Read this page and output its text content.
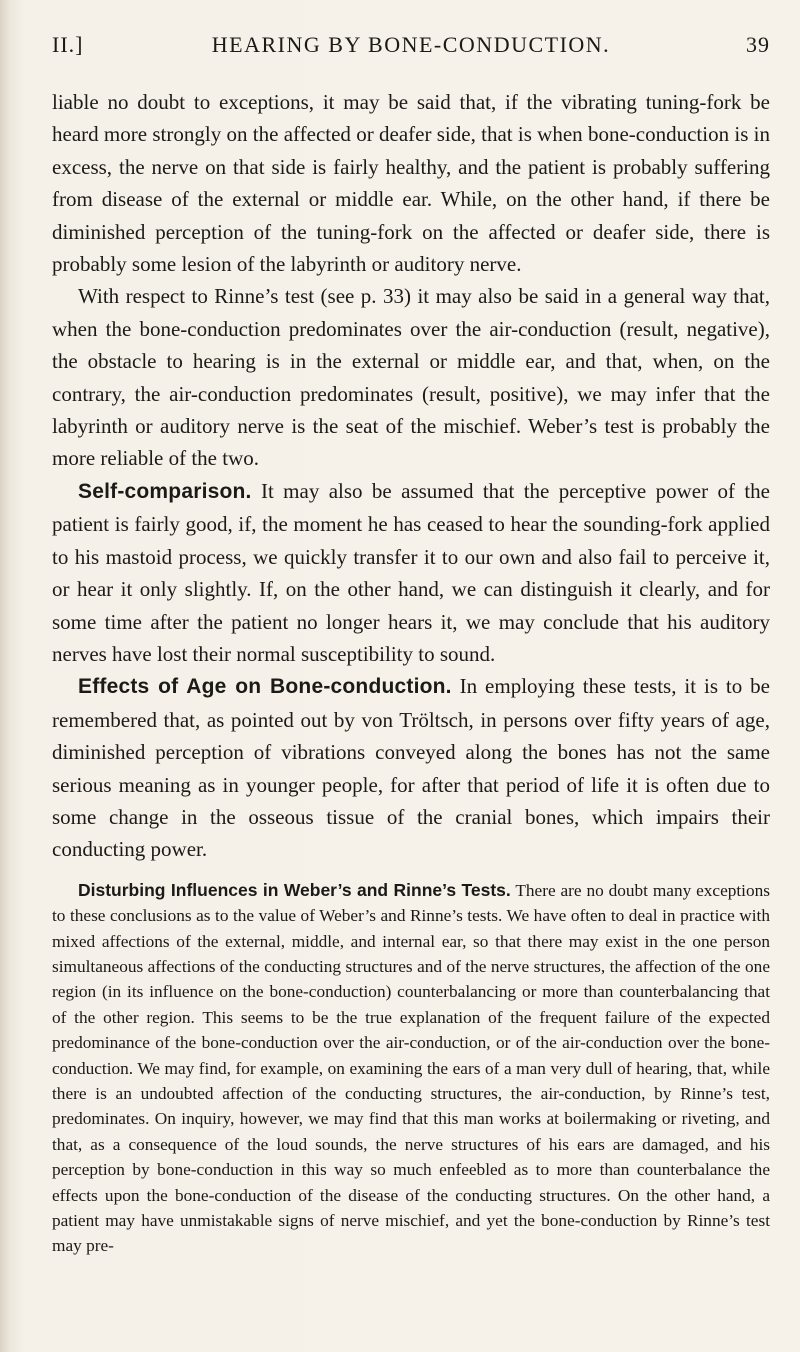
II.]	HEARING BY BONE-CONDUCTION.	39

liable no doubt to exceptions, it may be said that, if the vibrating tuning-fork be heard more strongly on the affected or deafer side, that is when bone-conduction is in excess, the nerve on that side is fairly healthy, and the patient is probably suffering from disease of the external or middle ear. While, on the other hand, if there be diminished perception of the tuning-fork on the affected or deafer side, there is probably some lesion of the labyrinth or auditory nerve.

With respect to Rinne’s test (see p. 33) it may also be said in a general way that, when the bone-conduction predominates over the air-conduction (result, negative), the obstacle to hearing is in the external or middle ear, and that, when, on the contrary, the air-conduction predominates (result, positive), we may infer that the labyrinth or auditory nerve is the seat of the mischief. Weber’s test is probably the more reliable of the two.

Self-comparison. It may also be assumed that the perceptive power of the patient is fairly good, if, the moment he has ceased to hear the sounding-fork applied to his mastoid process, we quickly transfer it to our own and also fail to perceive it, or hear it only slightly. If, on the other hand, we can distinguish it clearly, and for some time after the patient no longer hears it, we may conclude that his auditory nerves have lost their normal susceptibility to sound.

Effects of Age on Bone-conduction. In employing these tests, it is to be remembered that, as pointed out by von Tröltsch, in persons over fifty years of age, diminished perception of vibrations conveyed along the bones has not the same serious meaning as in younger people, for after that period of life it is often due to some change in the osseous tissue of the cranial bones, which impairs their conducting power.

Disturbing Influences in Weber’s and Rinne’s Tests. There are no doubt many exceptions to these conclusions as to the value of Weber’s and Rinne’s tests. We have often to deal in practice with mixed affections of the external, middle, and internal ear, so that there may exist in the one person simultaneous affections of the conducting structures and of the nerve structures, the affection of the one region (in its influence on the bone-conduction) counterbalancing or more than counterbalancing that of the other region. This seems to be the true explanation of the frequent failure of the expected predominance of the bone-conduction over the air-conduction, or of the air-conduction over the bone-conduction. We may find, for example, on examining the ears of a man very dull of hearing, that, while there is an undoubted affection of the conducting structures, the air-conduction, by Rinne’s test, predominates. On inquiry, however, we may find that this man works at boilermaking or riveting, and that, as a consequence of the loud sounds, the nerve structures of his ears are damaged, and his perception by bone-conduction in this way so much enfeebled as to more than counterbalance the effects upon the bone-conduction of the disease of the conducting structures. On the other hand, a patient may have unmistakable signs of nerve mischief, and yet the bone-conduction by Rinne’s test may pre-
